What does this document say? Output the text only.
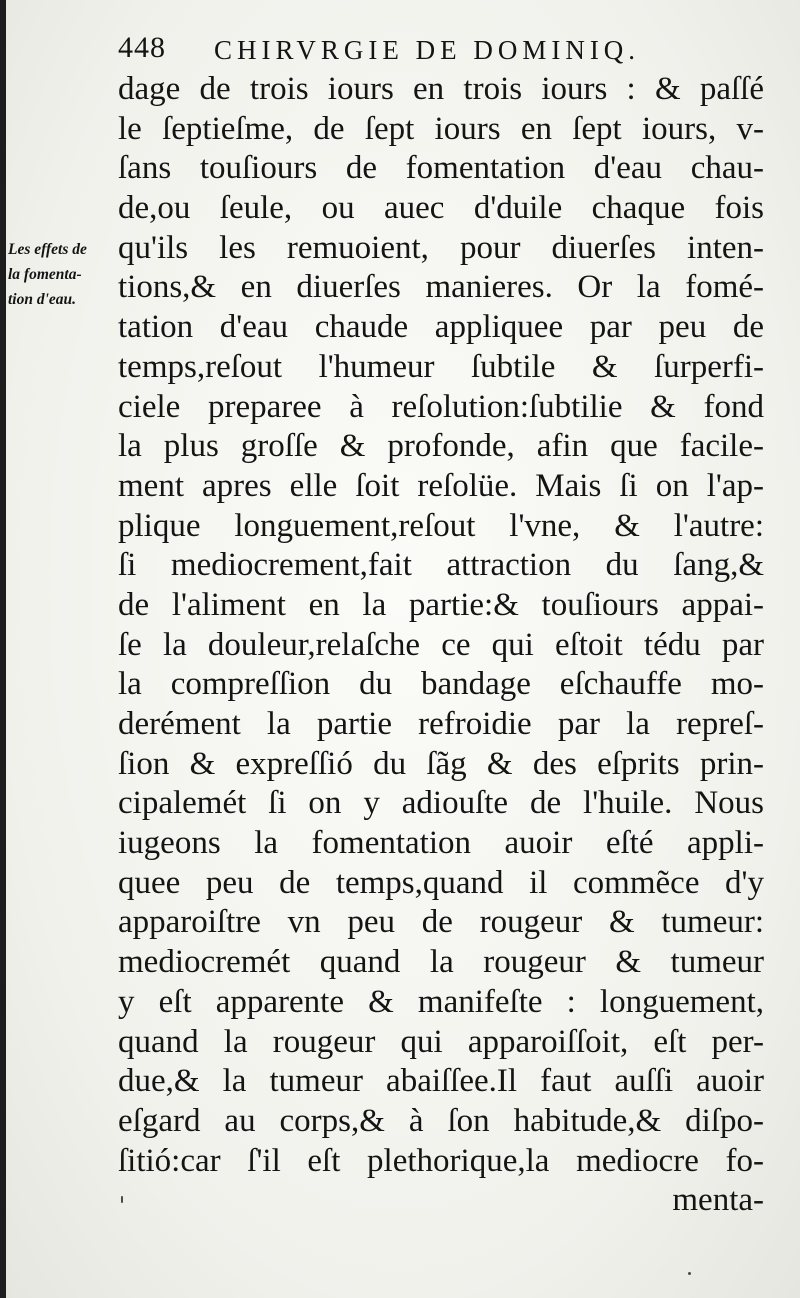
448 CHIRVRGIE DE DOMINIQ.
Les effets de
la fomenta-
tion d'eau.
dage de trois iours en trois iours : & paſſé
le ſeptieſme, de ſept iours en ſept iours, v-
ſans touſiours de fomentation d'eau chau-
de,ou ſeule, ou auec d'duile chaque fois
qu'ils les remuoient, pour diuerſes inten-
tions,& en diuerſes manieres. Or la fomé-
tation d'eau chaude appliquee par peu de
temps,reſout l'humeur ſubtile & ſurperfi-
ciele preparee à reſolution:ſubtilie & fond
la plus groſſe & profonde, afin que facile-
ment apres elle ſoit reſolüe. Mais ſi on l'ap-
plique longuement,reſout l'vne, & l'autre:
ſi mediocrement,fait attraction du ſang,&
de l'aliment en la partie:& touſiours appai-
ſe la douleur,relaſche ce qui eſtoit tédu par
la compreſſion du bandage eſchauffe mo-
derément la partie refroidie par la repreſ-
ſion & expreſſió du ſãg & des eſprits prin-
cipalemét ſi on y adiouſte de l'huile. Nous
iugeons la fomentation auoir eſté appli-
quee peu de temps,quand il commẽce d'y
apparoiſtre vn peu de rougeur & tumeur:
mediocremét quand la rougeur & tumeur
y eſt apparente & manifeſte : longuement,
quand la rougeur qui apparoiſſoit, eſt per-
due,& la tumeur abaiſſee.Il faut auſſi auoir
eſgard au corps,& à ſon habitude,& diſpo-
ſitió:car ſ'il eſt plethorique,la mediocre fo-
menta-
